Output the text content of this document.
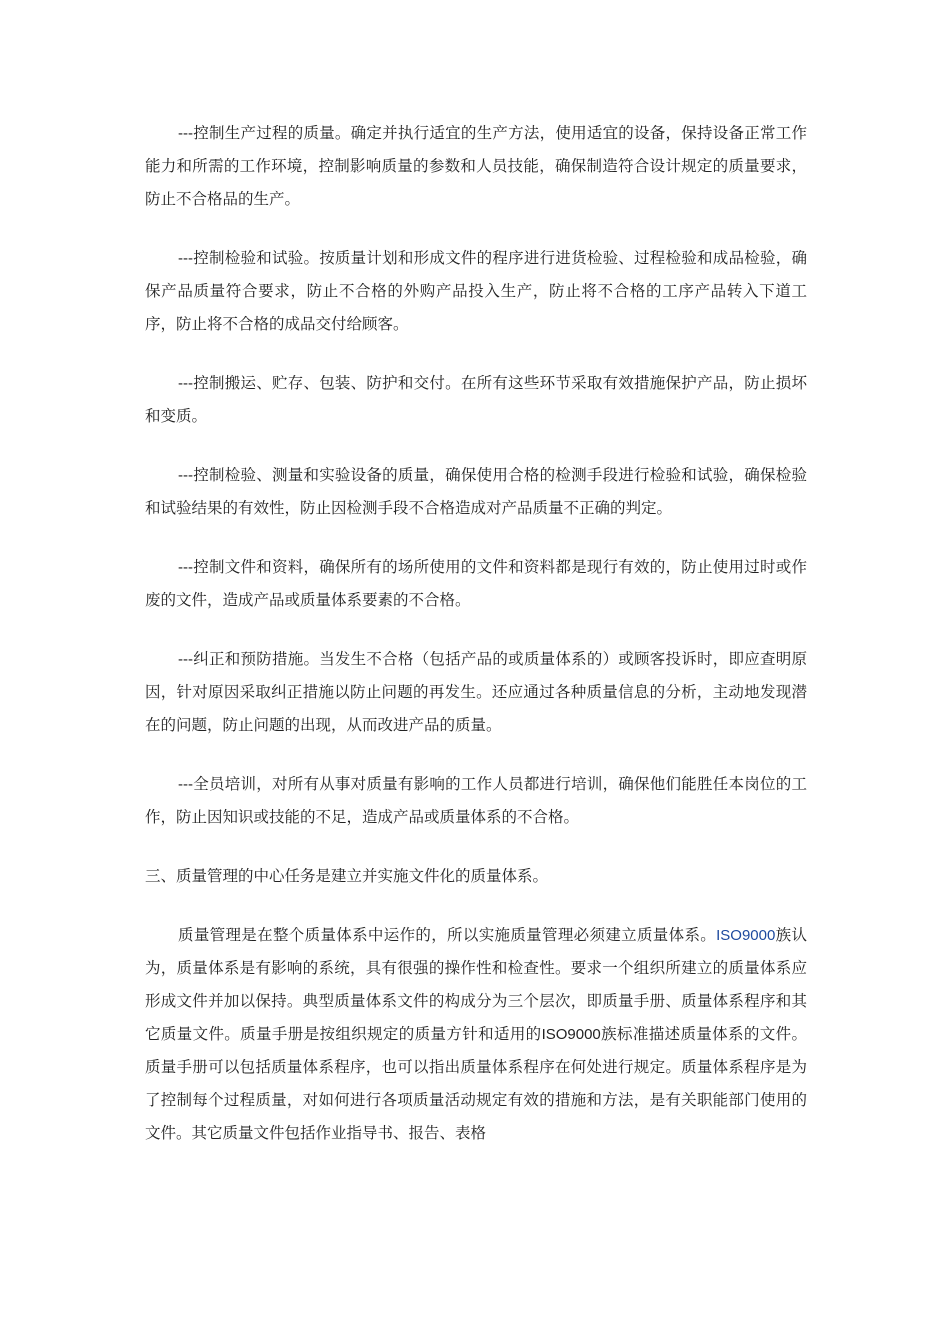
---控制生产过程的质量。确定并执行适宜的生产方法，使用适宜的设备，保持设备正常工作能力和所需的工作环境，控制影响质量的参数和人员技能，确保制造符合设计规定的质量要求，防止不合格品的生产。

---控制检验和试验。按质量计划和形成文件的程序进行进货检验、过程检验和成品检验，确保产品质量符合要求，防止不合格的外购产品投入生产，防止将不合格的工序产品转入下道工序，防止将不合格的成品交付给顾客。

---控制搬运、贮存、包装、防护和交付。在所有这些环节采取有效措施保护产品，防止损坏和变质。

---控制检验、测量和实验设备的质量，确保使用合格的检测手段进行检验和试验，确保检验和试验结果的有效性，防止因检测手段不合格造成对产品质量不正确的判定。

---控制文件和资料，确保所有的场所使用的文件和资料都是现行有效的，防止使用过时或作废的文件，造成产品或质量体系要素的不合格。

---纠正和预防措施。当发生不合格（包括产品的或质量体系的）或顾客投诉时，即应查明原因，针对原因采取纠正措施以防止问题的再发生。还应通过各种质量信息的分析，主动地发现潜在的问题，防止问题的出现，从而改进产品的质量。

---全员培训，对所有从事对质量有影响的工作人员都进行培训，确保他们能胜任本岗位的工作，防止因知识或技能的不足，造成产品或质量体系的不合格。

三、质量管理的中心任务是建立并实施文件化的质量体系。

质量管理是在整个质量体系中运作的，所以实施质量管理必须建立质量体系。ISO9000族认为，质量体系是有影响的系统，具有很强的操作性和检查性。要求一个组织所建立的质量体系应形成文件并加以保持。典型质量体系文件的构成分为三个层次，即质量手册、质量体系程序和其它质量文件。质量手册是按组织规定的质量方针和适用的ISO9000族标准描述质量体系的文件。质量手册可以包括质量体系程序，也可以指出质量体系程序在何处进行规定。质量体系程序是为了控制每个过程质量，对如何进行各项质量活动规定有效的措施和方法，是有关职能部门使用的文件。其它质量文件包括作业指导书、报告、表格
